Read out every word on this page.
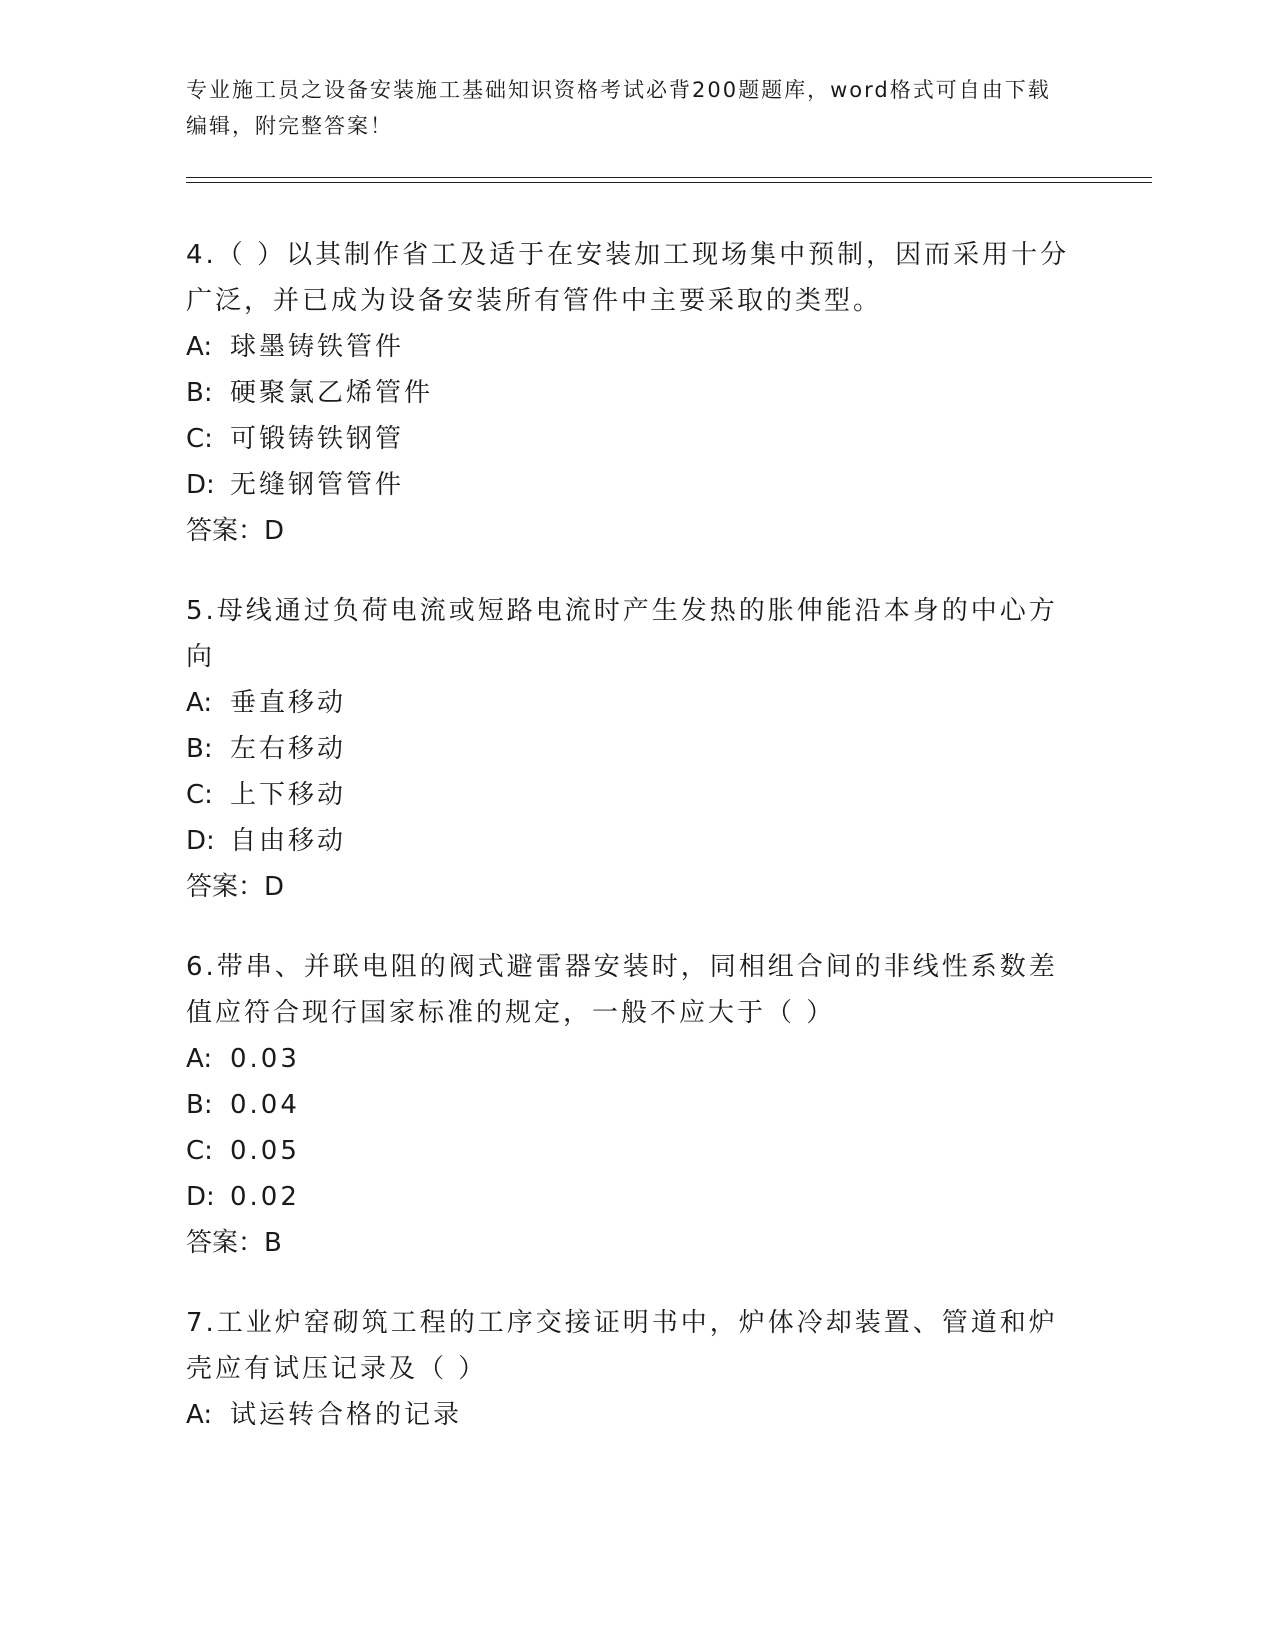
专业施工员之设备安装施工基础知识资格考试必背200题题库，word格式可自由下载编辑，附完整答案！

4.（ ）以其制作省工及适于在安装加工现场集中预制，因而采用十分广泛，并已成为设备安装所有管件中主要采取的类型。

A: 球墨铸铁管件

B: 硬聚氯乙烯管件

C: 可锻铸铁钢管

D: 无缝钢管管件

答案：D

5.母线通过负荷电流或短路电流时产生发热的胀伸能沿本身的中心方向

A: 垂直移动

B: 左右移动

C: 上下移动

D: 自由移动

答案：D

6.带串、并联电阻的阀式避雷器安装时，同相组合间的非线性系数差值应符合现行国家标准的规定，一般不应大于（ ）

A: 0.03

B: 0.04

C: 0.05

D: 0.02

答案：B

7.工业炉窑砌筑工程的工序交接证明书中，炉体冷却装置、管道和炉壳应有试压记录及（ ）

A: 试运转合格的记录
